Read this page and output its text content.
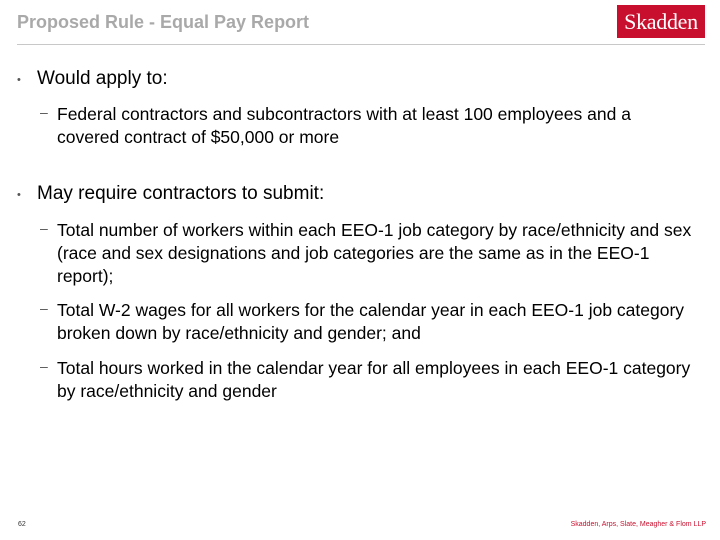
Proposed Rule - Equal Pay Report	Skadden
• Would apply to:
– Federal contractors and subcontractors with at least 100 employees and a covered contract of $50,000 or more
• May require contractors to submit:
– Total number of workers within each EEO-1 job category by race/ethnicity and sex (race and sex designations and job categories are the same as in the EEO-1 report);
– Total W-2 wages for all workers for the calendar year in each EEO-1 job category broken down by race/ethnicity and gender; and
– Total hours worked in the calendar year for all employees in each EEO-1 category by race/ethnicity and gender
62	Skadden, Arps, Slate, Meagher & Flom LLP
